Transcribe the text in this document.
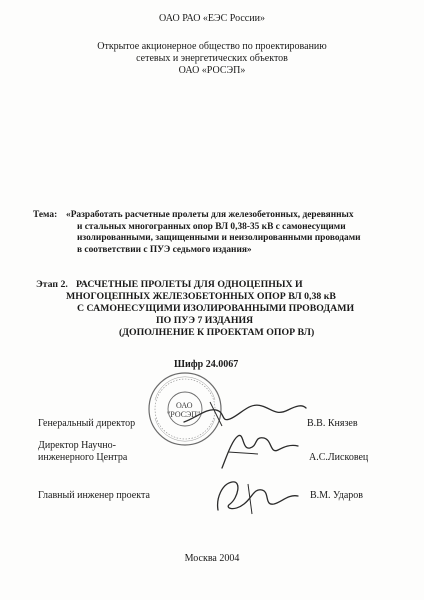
ОАО РАО «ЕЭС России»
Открытое акционерное общество по проектированию
сетевых и энергетических объектов
ОАО «РОСЭП»
Тема: «Разработать расчетные пролеты для железобетонных, деревянных
и стальных многогранных опор ВЛ 0,38-35 кВ с самонесущими
изолированными, защищенными и неизолированными проводами
в соответствии с ПУЭ седьмого издания»
Этап 2. РАСЧЕТНЫЕ ПРОЛЕТЫ ДЛЯ ОДНОЦЕПНЫХ И
МНОГОЦЕПНЫХ ЖЕЛЕЗОБЕТОННЫХ ОПОР ВЛ 0,38 кВ
С САМОНЕСУЩИМИ ИЗОЛИРОВАННЫМИ ПРОВОДАМИ
ПО ПУЭ 7 ИЗДАНИЯ
(ДОПОЛНЕНИЕ К ПРОЕКТАМ ОПОР ВЛ)
Шифр 24.0067
ОАО
"РОСЭП"
Генеральный директор	В.В. Князев
Директор Научно-
инженерного Центра	А.С.Лисковец
Главный инженер проекта	В.М. Ударов
Москва 2004
